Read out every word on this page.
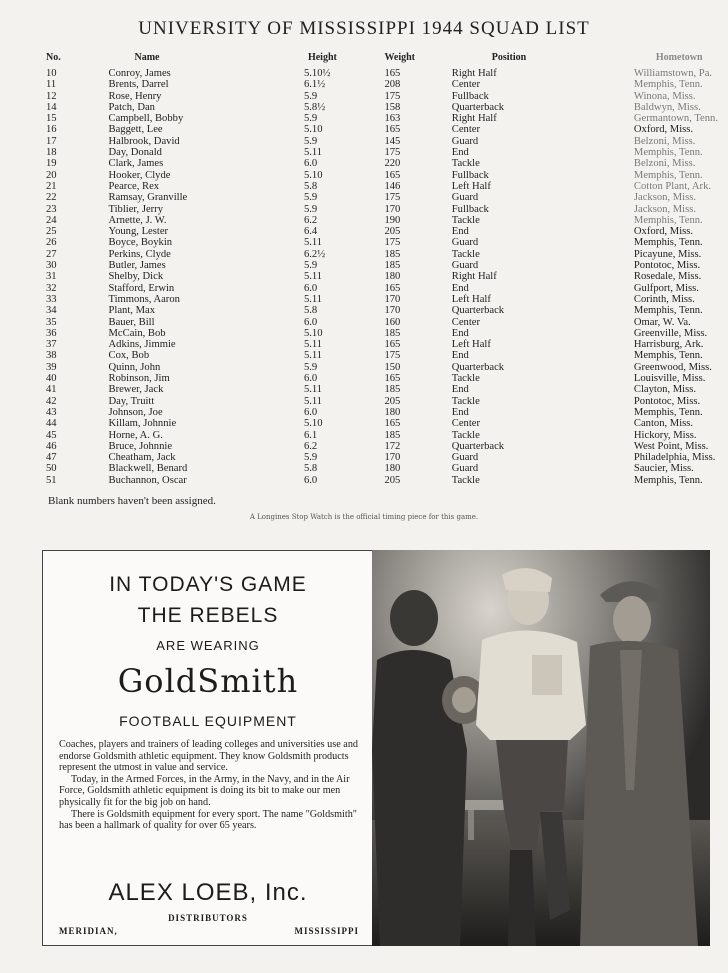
UNIVERSITY OF MISSISSIPPI 1944 SQUAD LIST
No.	Name	Height	Weight	Position	Hometown
10	Conroy, James	5.10½	165	Right Half	Williamstown, Pa.
11	Brents, Darrel	6.1½	208	Center	Memphis, Tenn.
12	Rose, Henry	5.9	175	Fullback	Winona, Miss.
14	Patch, Dan	5.8½	158	Quarterback	Baldwyn, Miss.
15	Campbell, Bobby	5.9	163	Right Half	Germantown, Tenn.
16	Baggett, Lee	5.10	165	Center	Oxford, Miss.
17	Halbrook, David	5.9	145	Guard	Belzoni, Miss.
18	Day, Donald	5.11	175	End	Memphis, Tenn.
19	Clark, James	6.0	220	Tackle	Belzoni, Miss.
20	Hooker, Clyde	5.10	165	Fullback	Memphis, Tenn.
21	Pearce, Rex	5.8	146	Left Half	Cotton Plant, Ark.
22	Ramsay, Granville	5.9	175	Guard	Jackson, Miss.
23	Tiblier, Jerry	5.9	170	Fullback	Jackson, Miss.
24	Arnette, J. W.	6.2	190	Tackle	Memphis, Tenn.
25	Young, Lester	6.4	205	End	Oxford, Miss.
26	Boyce, Boykin	5.11	175	Guard	Memphis, Tenn.
27	Perkins, Clyde	6.2½	185	Tackle	Picayune, Miss.
30	Butler, James	5.9	185	Guard	Pontotoc, Miss.
31	Shelby, Dick	5.11	180	Right Half	Rosedale, Miss.
32	Stafford, Erwin	6.0	165	End	Gulfport, Miss.
33	Timmons, Aaron	5.11	170	Left Half	Corinth, Miss.
34	Plant, Max	5.8	170	Quarterback	Memphis, Tenn.
35	Bauer, Bill	6.0	160	Center	Omar, W. Va.
36	McCain, Bob	5.10	185	End	Greenville, Miss.
37	Adkins, Jimmie	5.11	165	Left Half	Harrisburg, Ark.
38	Cox, Bob	5.11	175	End	Memphis, Tenn.
39	Quinn, John	5.9	150	Quarterback	Greenwood, Miss.
40	Robinson, Jim	6.0	165	Tackle	Louisville, Miss.
41	Brewer, Jack	5.11	185	End	Clayton, Miss.
42	Day, Truitt	5.11	205	Tackle	Pontotoc, Miss.
43	Johnson, Joe	6.0	180	End	Memphis, Tenn.
44	Killam, Johnnie	5.10	165	Center	Canton, Miss.
45	Horne, A. G.	6.1	185	Tackle	Hickory, Miss.
46	Bruce, Johnnie	6.2	172	Quarterback	West Point, Miss.
47	Cheatham, Jack	5.9	170	Guard	Philadelphia, Miss.
50	Blackwell, Benard	5.8	180	Guard	Saucier, Miss.
51	Buchannon, Oscar	6.0	205	Tackle	Memphis, Tenn.
Blank numbers haven't been assigned.
A Longines Stop Watch is the official timing piece for this game.
IN TODAY'S GAME
THE REBELS
ARE WEARING
GoldSmith
FOOTBALL EQUIPMENT

Coaches, players and trainers of leading colleges and universities use and endorse Goldsmith athletic equipment. They know Goldsmith products represent the utmost in value and service.

Today, in the Armed Forces, in the Army, in the Navy, and in the Air Force, Goldsmith athletic equipment is doing its bit to make our men physically fit for the big job on hand.

There is Goldsmith equipment for every sport. The name "Goldsmith" has been a hallmark of quality for over 65 years.

ALEX LOEB, Inc.
DISTRIBUTORS
MERIDIAN,	MISSISSIPPI
